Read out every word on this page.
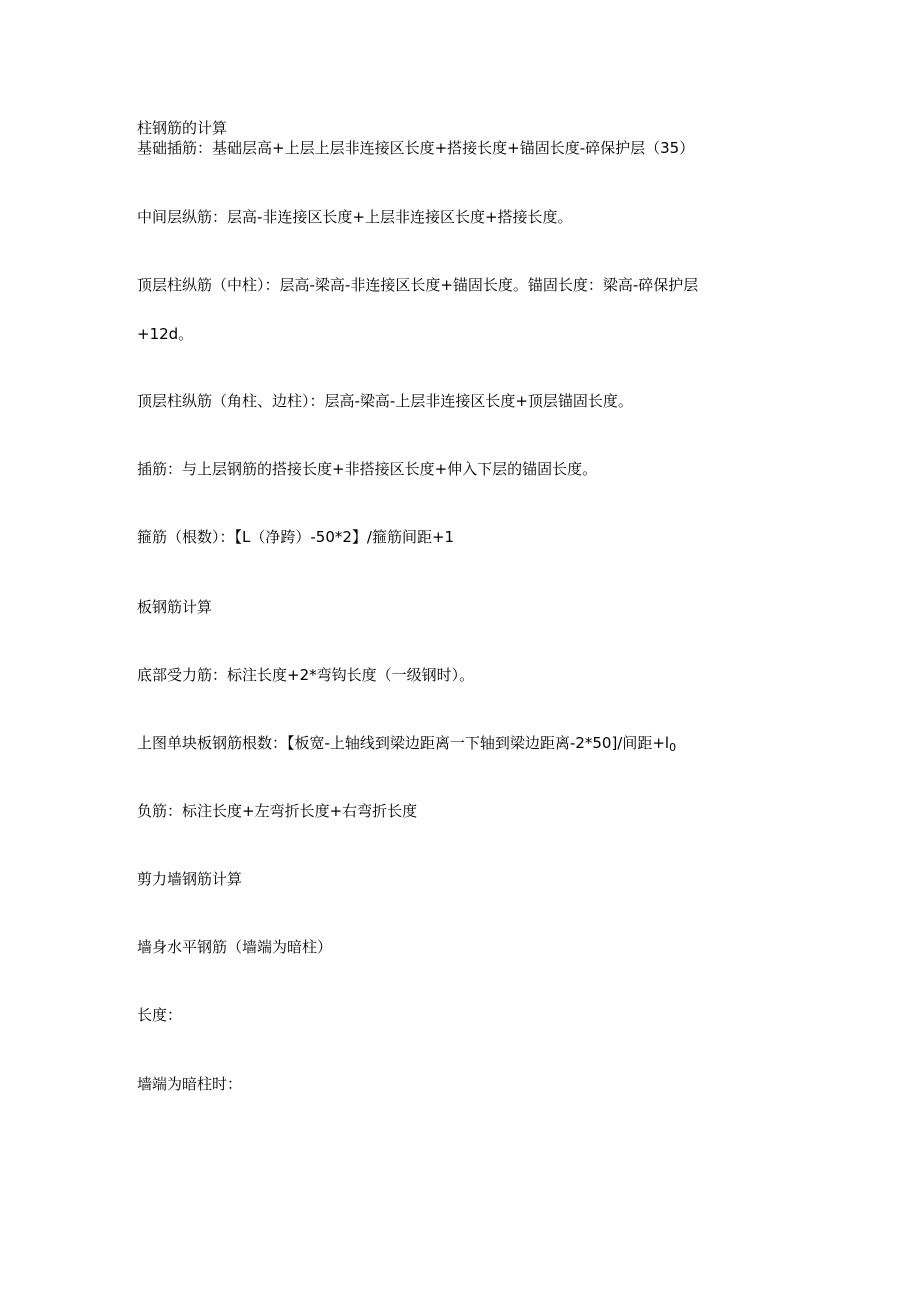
柱钢筋的计算

基础插筋：基础层高+上层上层非连接区长度+搭接长度+锚固长度-碎保护层（35）

中间层纵筋：层高-非连接区长度+上层非连接区长度+搭接长度。

顶层柱纵筋（中柱）：层高-梁高-非连接区长度+锚固长度。锚固长度：梁高-碎保护层

+12d。

顶层柱纵筋（角柱、边柱）：层高-梁高-上层非连接区长度+顶层锚固长度。

插筋：与上层钢筋的搭接长度+非搭接区长度+伸入下层的锚固长度。

箍筋（根数）：【L（净跨）-50*2】/箍筋间距+1

板钢筋计算

底部受力筋：标注长度+2*弯钩长度（一级钢时）。

上图单块板钢筋根数：【板宽-上轴线到梁边距离一下轴到梁边距离-2*50]/间距$+l_0$

负筋：标注长度+左弯折长度+右弯折长度

剪力墙钢筋计算

墙身水平钢筋（墙端为暗柱）

长度：

墙端为暗柱时：
